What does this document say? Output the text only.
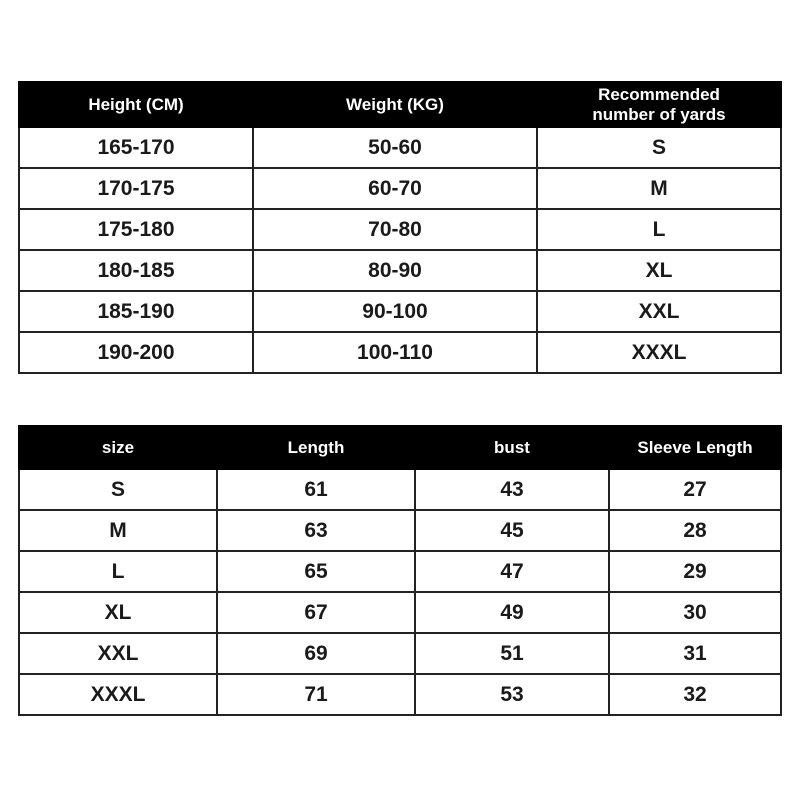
Height (CM)	Weight (KG)	Recommended
number of yards
165-170	50-60	S
170-175	60-70	M
175-180	70-80	L
180-185	80-90	XL
185-190	90-100	XXL
190-200	100-110	XXXL
size	Length	bust	Sleeve Length
S	61	43	27
M	63	45	28
L	65	47	29
XL	67	49	30
XXL	69	51	31
XXXL	71	53	32
